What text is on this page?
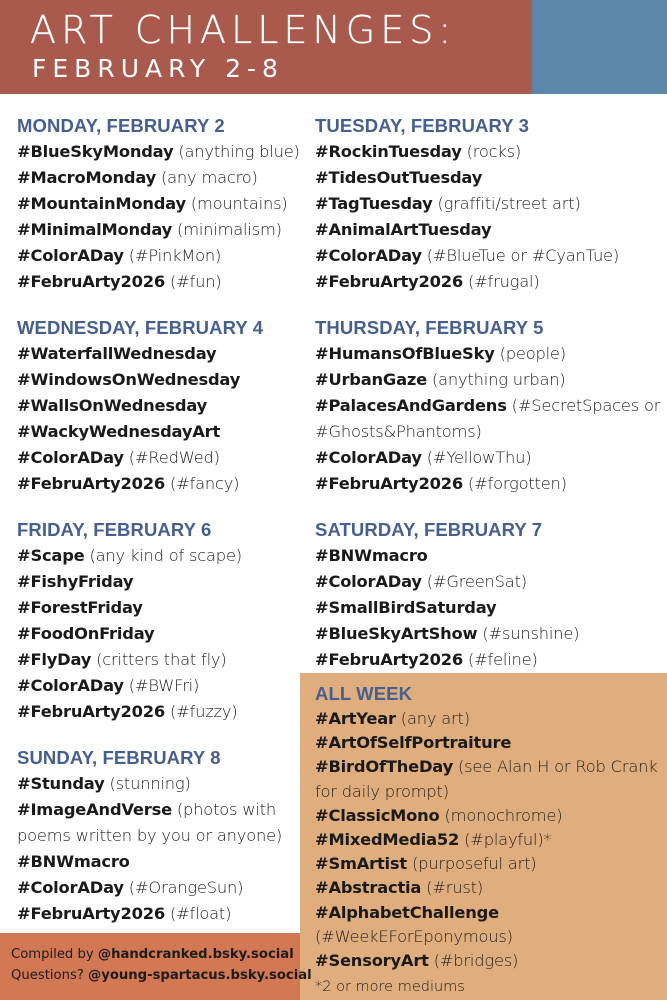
ART CHALLENGES:
FEBRUARY 2-8
MONDAY, FEBRUARY 2
#BlueSkyMonday (anything blue)
#MacroMonday (any macro)
#MountainMonday (mountains)
#MinimalMonday (minimalism)
#ColorADay (#PinkMon)
#FebruArty2026 (#fun)
WEDNESDAY, FEBRUARY 4
#WaterfallWednesday
#WindowsOnWednesday
#WallsOnWednesday
#WackyWednesdayArt
#ColorADay (#RedWed)
#FebruArty2026 (#fancy)
FRIDAY, FEBRUARY 6
#Scape (any kind of scape)
#FishyFriday
#ForestFriday
#FoodOnFriday
#FlyDay (critters that fly)
#ColorADay (#BWFri)
#FebruArty2026 (#fuzzy)
SUNDAY, FEBRUARY 8
#Stunday (stunning)
#ImageAndVerse (photos with
poems written by you or anyone)
#BNWmacro
#ColorADay (#OrangeSun)
#FebruArty2026 (#float)
TUESDAY, FEBRUARY 3
#RockinTuesday (rocks)
#TidesOutTuesday
#TagTuesday (graffiti/street art)
#AnimalArtTuesday
#ColorADay (#BlueTue or #CyanTue)
#FebruArty2026 (#frugal)
THURSDAY, FEBRUARY 5
#HumansOfBlueSky (people)
#UrbanGaze (anything urban)
#PalacesAndGardens (#SecretSpaces or
#Ghosts&Phantoms)
#ColorADay (#YellowThu)
#FebruArty2026 (#forgotten)
SATURDAY, FEBRUARY 7
#BNWmacro
#ColorADay (#GreenSat)
#SmallBirdSaturday
#BlueSkyArtShow (#sunshine)
#FebruArty2026 (#feline)
ALL WEEK
#ArtYear (any art)
#ArtOfSelfPortraiture
#BirdOfTheDay (see Alan H or Rob Crank
for daily prompt)
#ClassicMono (monochrome)
#MixedMedia52 (#playful)*
#SmArtist (purposeful art)
#Abstractia (#rust)
#AlphabetChallenge
(#WeekEForEponymous)
#SensoryArt (#bridges)
*2 or more mediums
Compiled by @handcranked.bsky.social
Questions? @young-spartacus.bsky.social
